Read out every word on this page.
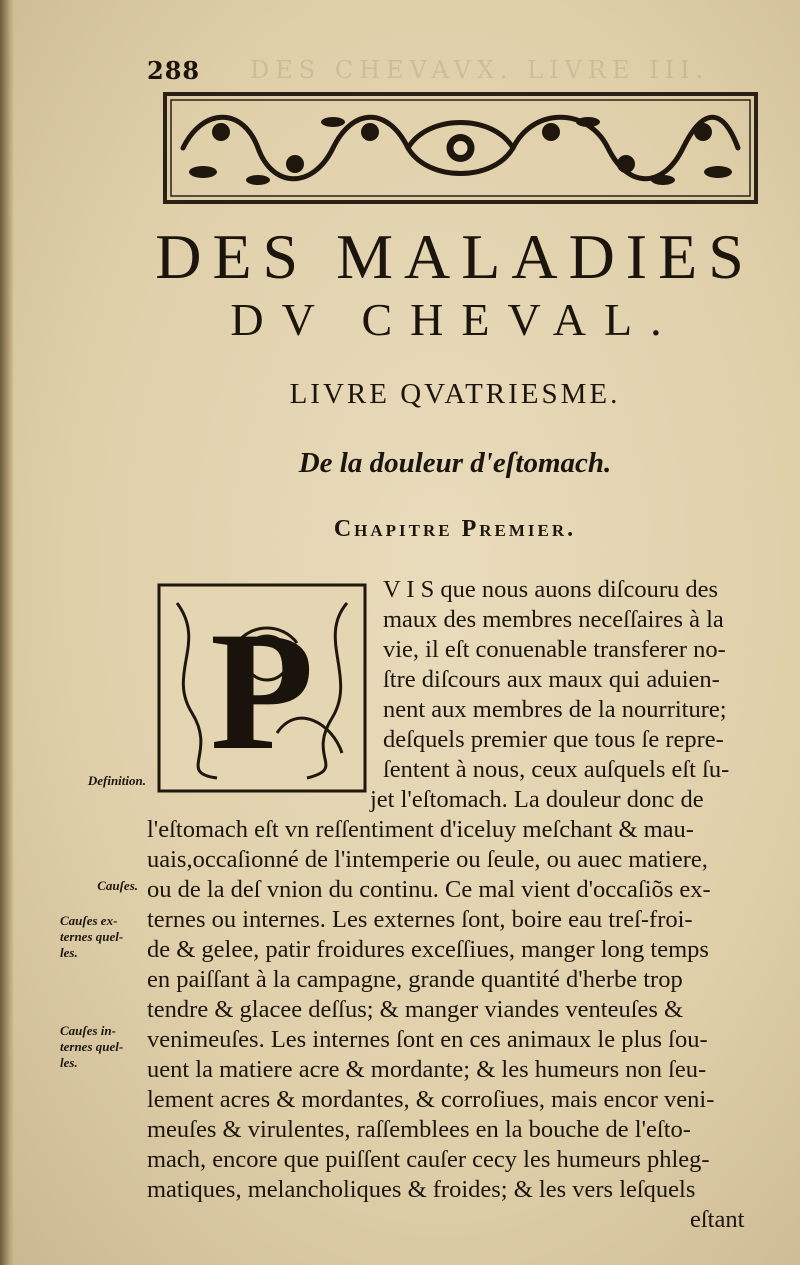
288 DES CHEVAVX. LIVRE III.
DES MALADIES
DV CHEVAL.
LIVRE QVATRIESME.
De la douleur d'eſtomach.
Chapitre Premier.
P
Definition.
Cauſes.
Cauſes ex-
ternes quel-
les.
Cauſes in-
ternes quel-
les.
V I S que nous auons diſcouru des
maux des membres neceſſaires à la
vie, il eſt conuenable transferer no-
ſtre diſcours aux maux qui aduien-
nent aux membres de la nourriture;
deſquels premier que tous ſe repre-
ſentent à nous, ceux auſquels eſt ſu-
jet l'eſtomach. La douleur donc de
l'eſtomach eſt vn reſſentiment d'iceluy meſchant & mau-
uais,occaſionné de l'intemperie ou ſeule, ou auec matiere,
ou de la deſ vnion du continu. Ce mal vient d'occaſiõs ex-
ternes ou internes. Les externes ſont, boire eau treſ-froi-
de & gelee, patir froidures exceſſiues, manger long temps
en paiſſant à la campagne, grande quantité d'herbe trop
tendre & glacee deſſus; & manger viandes venteuſes &
venimeuſes. Les internes ſont en ces animaux le plus ſou-
uent la matiere acre & mordante; & les humeurs non ſeu-
lement acres & mordantes, & corroſiues, mais encor veni-
meuſes & virulentes, raſſemblees en la bouche de l'eſto-
mach, encore que puiſſent cauſer cecy les humeurs phleg-
matiques, melancholiques & froides; & les vers leſquels
eſtant
